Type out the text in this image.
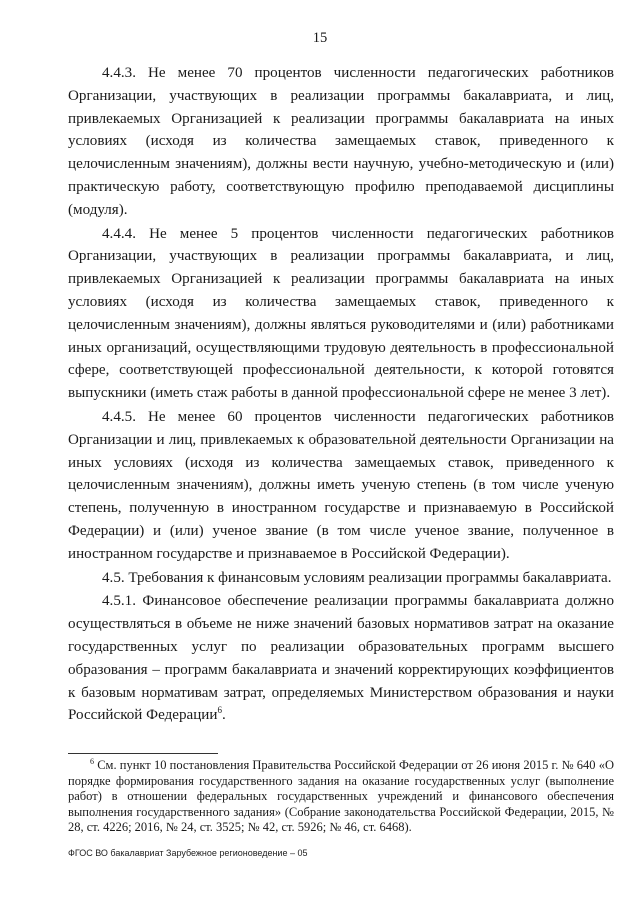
15

4.4.3. Не менее 70 процентов численности педагогических работников Организации, участвующих в реализации программы бакалавриата, и лиц, привлекаемых Организацией к реализации программы бакалавриата на иных условиях (исходя из количества замещаемых ставок, приведенного к целочисленным значениям), должны вести научную, учебно-методическую и (или) практическую работу, соответствующую профилю преподаваемой дисциплины (модуля).

4.4.4. Не менее 5 процентов численности педагогических работников Организации, участвующих в реализации программы бакалавриата, и лиц, привлекаемых Организацией к реализации программы бакалавриата на иных условиях (исходя из количества замещаемых ставок, приведенного к целочисленным значениям), должны являться руководителями и (или) работниками иных организаций, осуществляющими трудовую деятельность в профессиональной сфере, соответствующей профессиональной деятельности, к которой готовятся выпускники (иметь стаж работы в данной профессиональной сфере не менее 3 лет).

4.4.5. Не менее 60 процентов численности педагогических работников Организации и лиц, привлекаемых к образовательной деятельности Организации на иных условиях (исходя из количества замещаемых ставок, приведенного к целочисленным значениям), должны иметь ученую степень (в том числе ученую степень, полученную в иностранном государстве и признаваемую в Российской Федерации) и (или) ученое звание (в том числе ученое звание, полученное в иностранном государстве и признаваемое в Российской Федерации).

4.5. Требования к финансовым условиям реализации программы бакалавриата.

4.5.1. Финансовое обеспечение реализации программы бакалавриата должно осуществляться в объеме не ниже значений базовых нормативов затрат на оказание государственных услуг по реализации образовательных программ высшего образования – программ бакалавриата и значений корректирующих коэффициентов к базовым нормативам затрат, определяемых Министерством образования и науки Российской Федерации$^6$.

$^6$ См. пункт 10 постановления Правительства Российской Федерации от 26 июня 2015 г. № 640 «О порядке формирования государственного задания на оказание государственных услуг (выполнение работ) в отношении федеральных государственных учреждений и финансового обеспечения выполнения государственного задания» (Собрание законодательства Российской Федерации, 2015, № 28, ст. 4226; 2016, № 24, ст. 3525; № 42, ст. 5926; № 46, ст. 6468).

ФГОС ВО бакалавриат Зарубежное регионоведение – 05
